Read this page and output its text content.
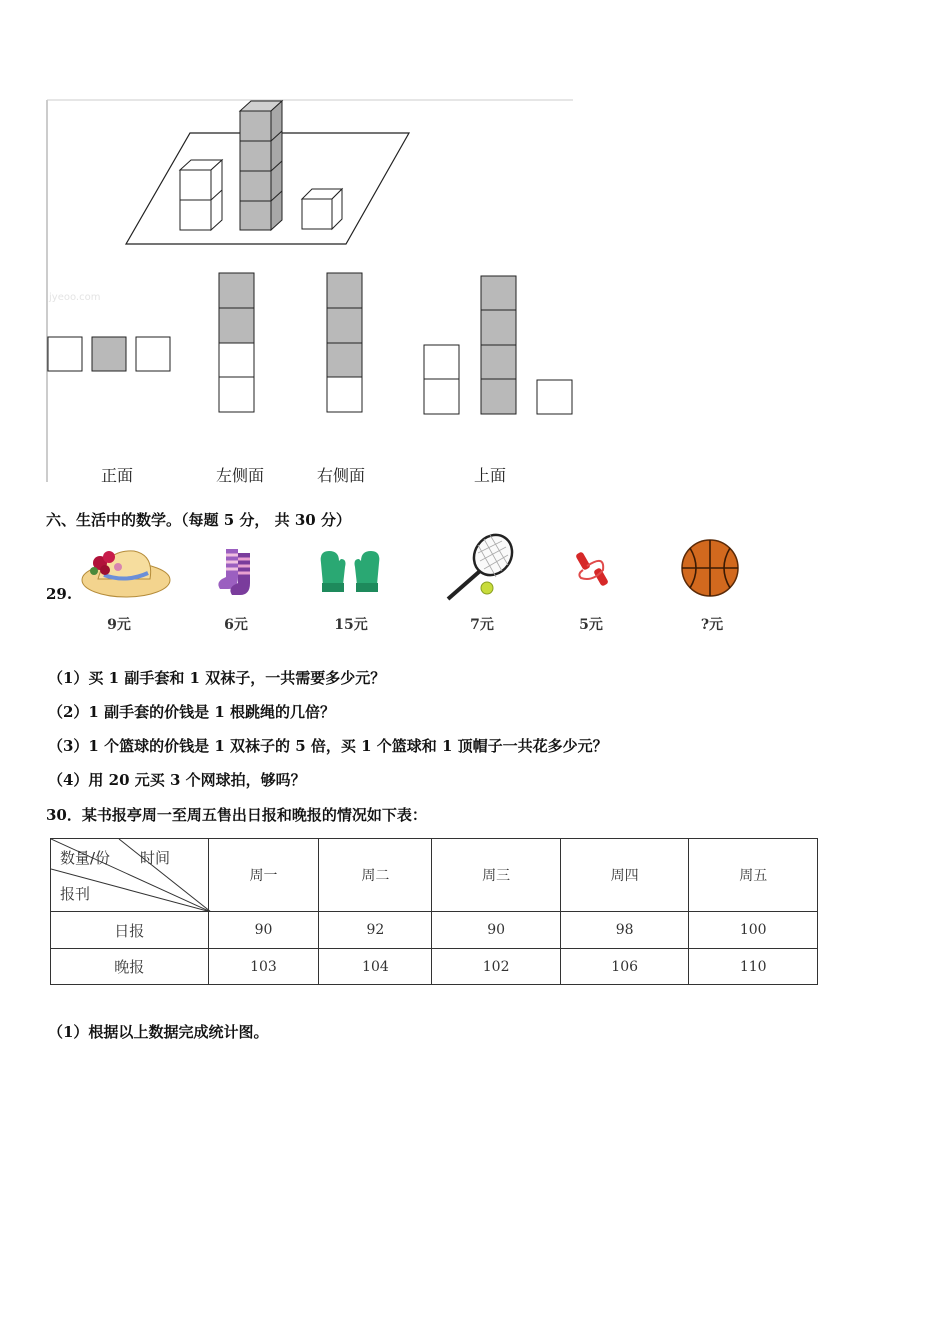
jyeoo.com
正面	左侧面	右侧面	上面
六、生活中的数学。（每题 5 分， 共 30 分）
29.
9元	6元	15元	7元	5元	?元
（1）买 1 副手套和 1 双袜子，一共需要多少元？
（2）1 副手套的价钱是 1 根跳绳的几倍？
（3）1 个篮球的价钱是 1 双袜子的 5 倍，买 1 个篮球和 1 顶帽子一共花多少元？
（4）用 20 元买 3 个网球拍，够吗？
30．某书报亭周一至周五售出日报和晚报的情况如下表：
数量/份 时间
报刊	周一	周二	周三	周四	周五
日报	90	92	90	98	100
晚报	103	104	102	106	110
（1）根据以上数据完成统计图。
